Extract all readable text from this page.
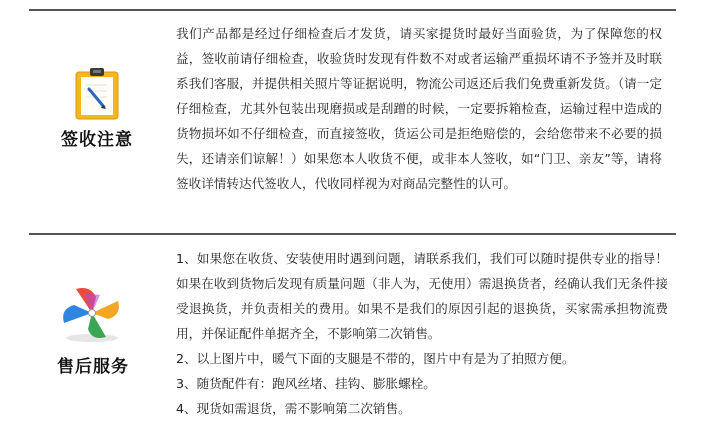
签收注意

我们产品都是经过仔细检查后才发货，请买家提货时最好当面验货，为了保障您的权益，签收前请仔细检查，收验货时发现有件数不对或者运输严重损坏请不予签并及时联系我们客服，并提供相关照片等证据说明，物流公司返还后我们免费重新发货。（请一定仔细检查，尤其外包装出现磨损或是刮蹭的时候，一定要拆箱检查，运输过程中造成的货物损坏如不仔细检查，而直接签收，货运公司是拒绝赔偿的，会给您带来不必要的损失，还请亲们谅解！）如果您本人收货不便，或非本人签收，如“门卫、亲友”等，请将签收详情转达代签收人，代收同样视为对商品完整性的认可。

售后服务
1、如果您在收货、安装使用时遇到问题，请联系我们，我们可以随时提供专业的指导！如果在收到货物后发现有质量问题（非人为，无使用）需退换货者，经确认我们无条件接受退换货，并负责相关的费用。如果不是我们的原因引起的退换货，买家需承担物流费用，并保证配件单据齐全，不影响第二次销售。
2、以上图片中，暖气下面的支腿是不带的，图片中有是为了拍照方便。
3、随货配件有：跑风丝堵、挂钩、膨胀螺栓。
4、现货如需退货，需不影响第二次销售。
